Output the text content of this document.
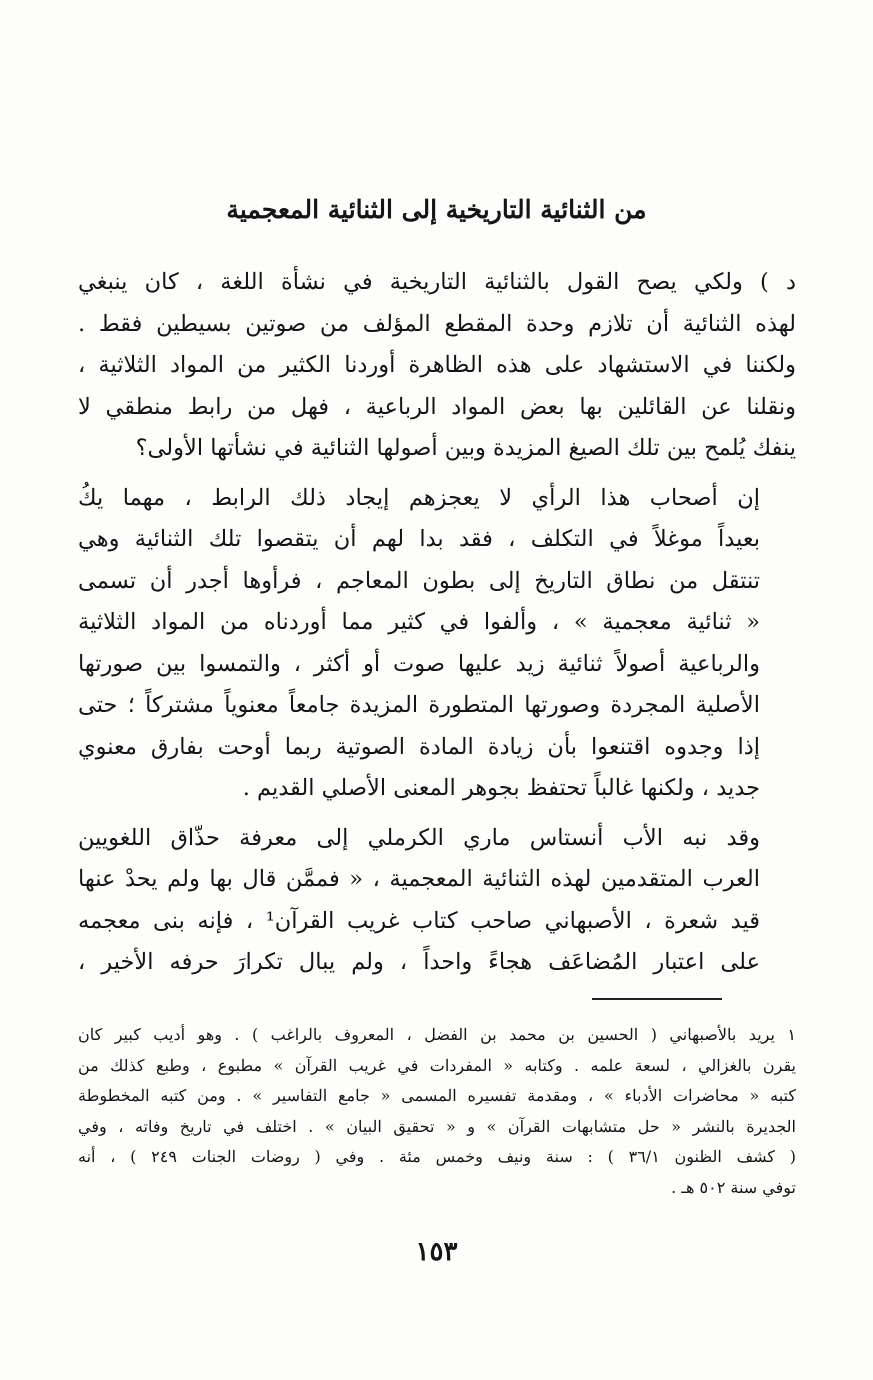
من الثنائية التاريخية إلى الثنائية المعجمية
د ) ولكي يصح القول بالثنائية التاريخية في نشأة اللغة ، كان ينبغي
لهذه الثنائية أن تلازم وحدة المقطع المؤلف من صوتين بسيطين فقط .
ولكننا في الاستشهاد على هذه الظاهرة أوردنا الكثير من المواد الثلاثية ،
ونقلنا عن القائلين بها بعض المواد الرباعية ، فهل من رابط منطقي لا
ينفك يُلمح بين تلك الصيغ المزيدة وبين أصولها الثنائية في نشأتها الأولى؟
إن أصحاب هذا الرأي لا يعجزهم إيجاد ذلك الرابط ، مهما يكُ
بعيداً موغلاً في التكلف ، فقد بدا لهم أن يتقصوا تلك الثنائية وهي
تنتقل من نطاق التاريخ إلى بطون المعاجم ، فرأوها أجدر أن تسمى
« ثنائية معجمية » ، وألفوا في كثير مما أوردناه من المواد الثلاثية
والرباعية أصولاً ثنائية زيد عليها صوت أو أكثر ، والتمسوا بين صورتها
الأصلية المجردة وصورتها المتطورة المزيدة جامعاً معنوياً مشتركاً ؛ حتى
إذا وجدوه اقتنعوا بأن زيادة المادة الصوتية ربما أوحت بفارق معنوي
جديد ، ولكنها غالباً تحتفظ بجوهر المعنى الأصلي القديم .
وقد نبه الأب أنستاس ماري الكرملي إلى معرفة حذّاق اللغويين
العرب المتقدمين لهذه الثنائية المعجمية ، « فممَّن قال بها ولم يحدْ عنها
قيد شعرة ، الأصبهاني صاحب كتاب غريب القرآن¹ ، فإنه بنى معجمه
على اعتبار المُضاعَف هجاءً واحداً ، ولم يبال تكرارَ حرفه الأخير ،
١ يريد بالأصبهاني ( الحسين بن محمد بن الفضل ، المعروف بالراغب ) . وهو أديب كبير كان
يقرن بالغزالي ، لسعة علمه . وكتابه « المفردات في غريب القرآن » مطبوع ، وطبع كذلك من
كتبه « محاضرات الأدباء » ، ومقدمة تفسيره المسمى « جامع التفاسير » . ومن كتبه المخطوطة
الجديرة بالنشر « حل متشابهات القرآن » و « تحقيق البيان » . اختلف في تاريخ وفاته ، وفي
( كشف الظنون ٣٦/١ ) : سنة ونيف وخمس مئة . وفي ( روضات الجنات ٢٤٩ ) ، أنه
توفي سنة ٥٠٢ هـ .
١٥٣
